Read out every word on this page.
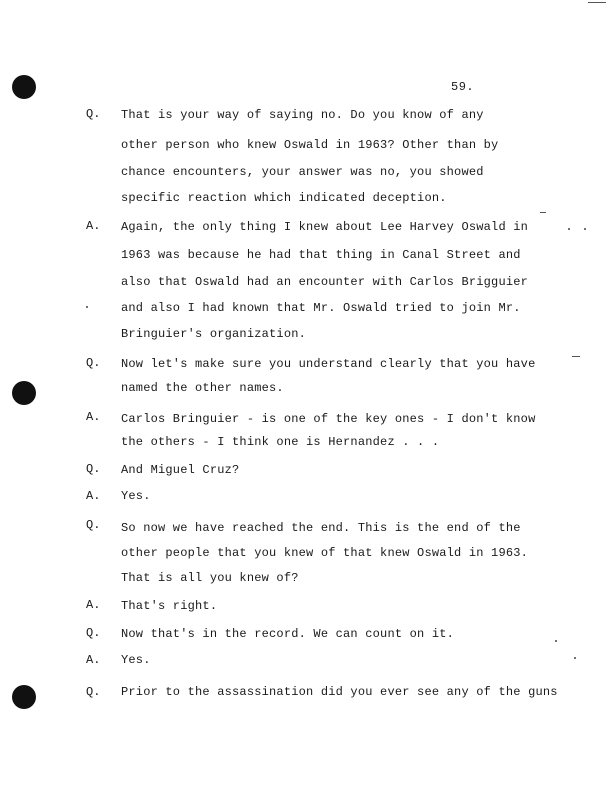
59.
Q. That is your way of saying no. Do you know of any
other person who knew Oswald in 1963? Other than by
chance encounters, your answer was no, you showed
specific reaction which indicated deception.
A. Again, the only thing I knew about Lee Harvey Oswald in
1963 was because he had that thing in Canal Street and
also that Oswald had an encounter with Carlos Brigguier
and also I had known that Mr. Oswald tried to join Mr.
Bringuier's organization.
Q. Now let's make sure you understand clearly that you have
named the other names.
A. Carlos Bringuier - is one of the key ones - I don't know
the others - I think one is Hernandez . . .
Q. And Miguel Cruz?
A. Yes.
Q. So now we have reached the end. This is the end of the
other people that you knew of that knew Oswald in 1963.
That is all you knew of?
A. That's right.
Q. Now that's in the record. We can count on it.
A. Yes.
Q. Prior to the assassination did you ever see any of the guns
